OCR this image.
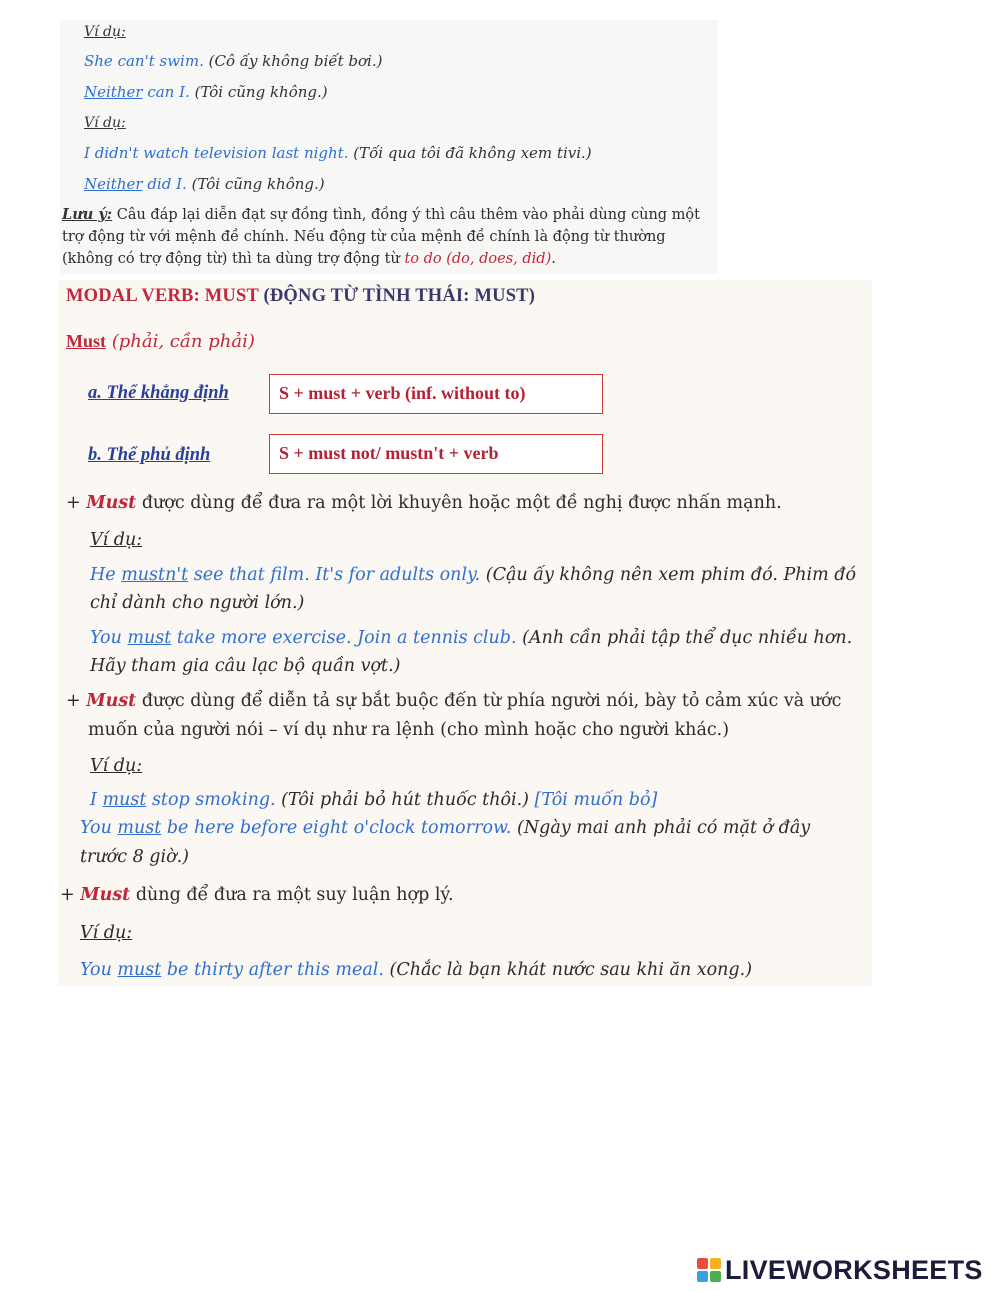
Ví dụ:
She can't swim. (Cô ấy không biết bơi.)
Neither can I. (Tôi cũng không.)
Ví dụ:
I didn't watch television last night. (Tối qua tôi đã không xem tivi.)
Neither did I. (Tôi cũng không.)
Lưu ý: Câu đáp lại diễn đạt sự đồng tình, đồng ý thì câu thêm vào phải dùng cùng một
trợ động từ với mệnh đề chính. Nếu động từ của mệnh đề chính là động từ thường
(không có trợ động từ) thì ta dùng trợ động từ to do (do, does, did).
MODAL VERB: MUST (ĐỘNG TỪ TÌNH THÁI: MUST)
Must (phải, cần phải)
a. Thể khẳng định	S + must + verb (inf. without to)
b. Thể phủ định	S + must not/ mustn't + verb
+ Must được dùng để đưa ra một lời khuyên hoặc một đề nghị được nhấn mạnh.
Ví dụ:
He mustn't see that film. It's for adults only. (Cậu ấy không nên xem phim đó. Phim đó
chỉ dành cho người lớn.)
You must take more exercise. Join a tennis club. (Anh cần phải tập thể dục nhiều hơn.
Hãy tham gia câu lạc bộ quần vợt.)
+ Must được dùng để diễn tả sự bắt buộc đến từ phía người nói, bày tỏ cảm xúc và ước
muốn của người nói – ví dụ như ra lệnh (cho mình hoặc cho người khác.)
Ví dụ:
I must stop smoking. (Tôi phải bỏ hút thuốc thôi.) [Tôi muốn bỏ]
You must be here before eight o'clock tomorrow. (Ngày mai anh phải có mặt ở đây
trước 8 giờ.)
+ Must dùng để đưa ra một suy luận hợp lý.
Ví dụ:
You must be thirty after this meal. (Chắc là bạn khát nước sau khi ăn xong.)
LIVEWORKSHEETS
